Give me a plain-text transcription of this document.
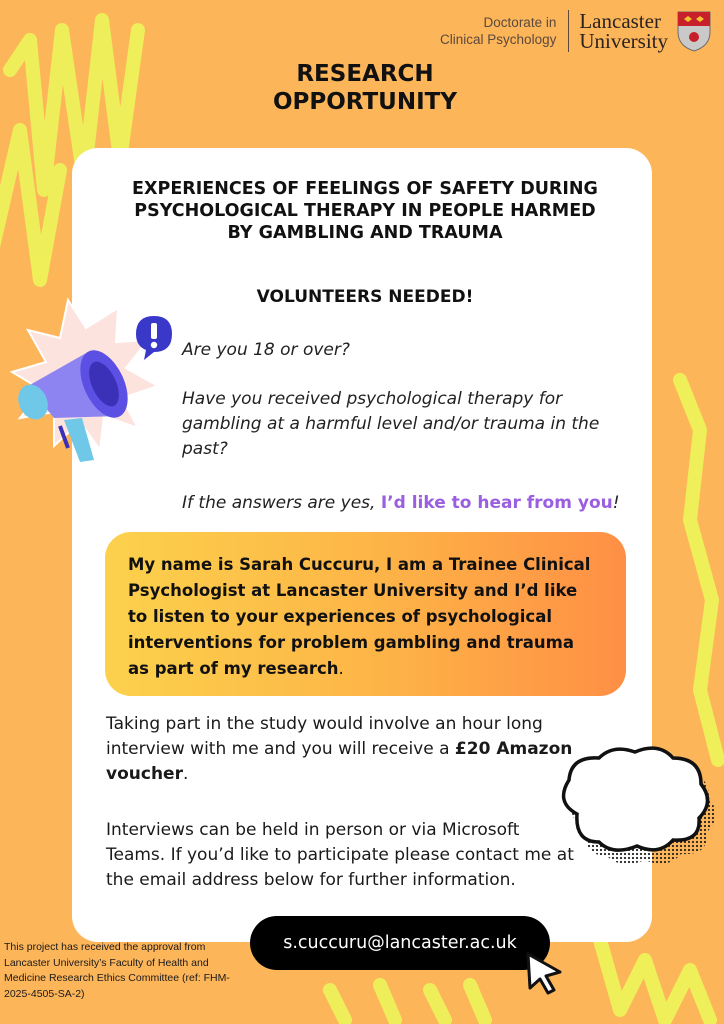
Doctorate in
Clinical Psychology
Lancaster
University
RESEARCH
OPPORTUNITY
EXPERIENCES OF FEELINGS OF SAFETY DURING
PSYCHOLOGICAL THERAPY IN PEOPLE HARMED
BY GAMBLING AND TRAUMA
VOLUNTEERS NEEDED!
Are you 18 or over?
Have you received psychological therapy for gambling at a harmful level and/or trauma in the past?
If the answers are yes, I’d like to hear from you!
My name is Sarah Cuccuru, I am a Trainee Clinical Psychologist at Lancaster University and I’d like to listen to your experiences of psychological interventions for problem gambling and trauma as part of my research.
Taking part in the study would involve an hour long interview with me and you will receive a £20 Amazon voucher.
Interviews can be held in person or via Microsoft Teams. If you’d like to participate please contact me at the email address below for further information.
s.cuccuru@lancaster.ac.uk
This project has received the approval from Lancaster University’s Faculty of Health and Medicine Research Ethics Committee (ref: FHM-2025-4505-SA-2)
